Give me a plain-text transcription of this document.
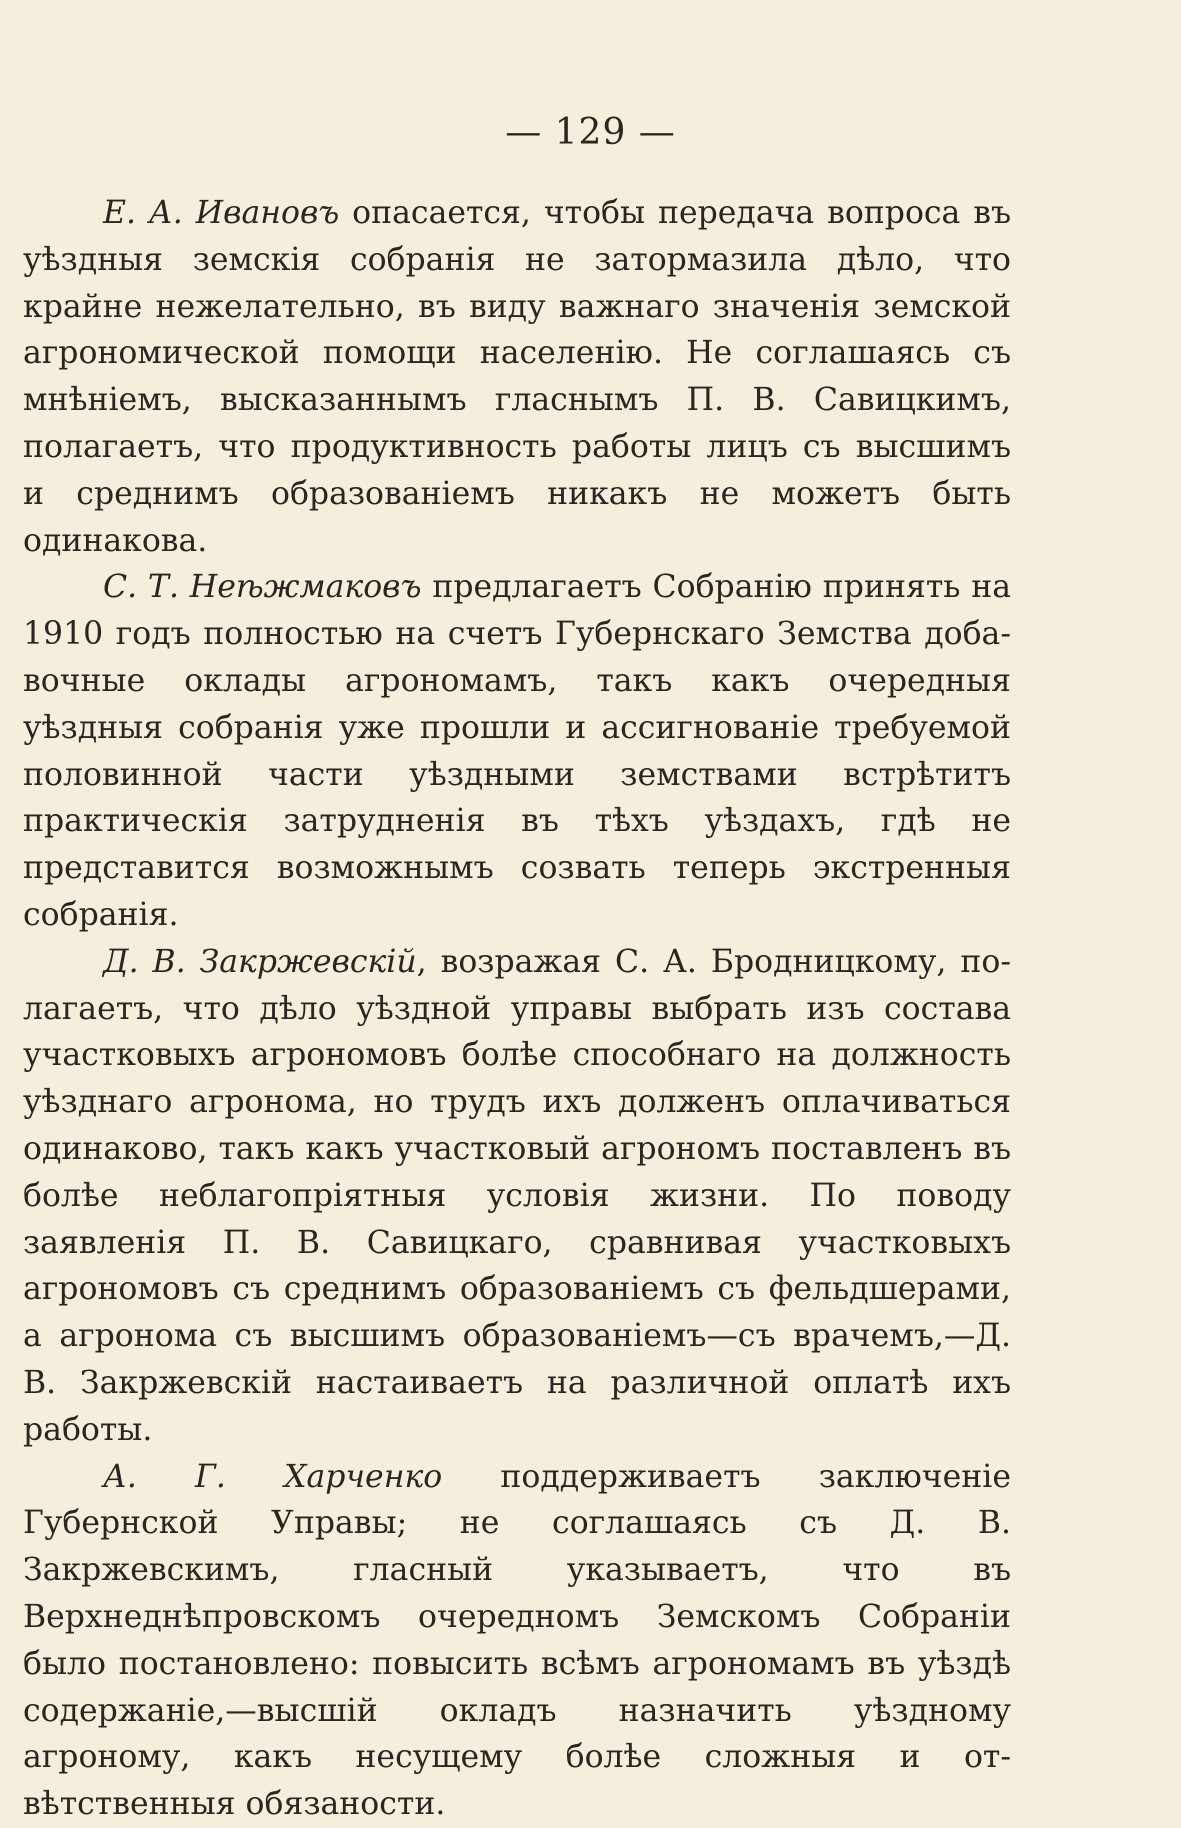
— 129 —

Е. А. Ивановъ опасается, чтобы передача вопроса въ уѣздныя земскія собранія не затормазила дѣло, что крайне нежелательно, въ виду важнаго значенія земской агрономической помощи населенію. Не соглашаясь съ мнѣніемъ, высказаннымъ гласнымъ П. В. Савицкимъ, полагаетъ, что продуктивность работы лицъ съ высшимъ и среднимъ образованіемъ никакъ не можетъ быть одинакова.

С. Т. Неѣжмаковъ предлагаетъ Собранію принять на 1910 годъ полностью на счетъ Губернскаго Земства добавочные оклады агрономамъ, такъ какъ очередныя уѣздныя собранія уже прошли и ассигнованіе требуемой половинной части уѣздными земствами встрѣтитъ практическія затрудненія въ тѣхъ уѣздахъ, гдѣ не представится возможнымъ созвать теперь экстренныя собранія.

Д. В. Закржевскій, возражая С. А. Бродницкому, полагаетъ, что дѣло уѣздной управы выбрать изъ состава участковыхъ агрономовъ болѣе способнаго на должность уѣзднаго агронома, но трудъ ихъ долженъ оплачиваться одинаково, такъ какъ участковый агрономъ поставленъ въ болѣе неблагопріятныя условія жизни. По поводу заявленія П. В. Савицкаго, сравнивая участковыхъ агрономовъ съ среднимъ образованіемъ съ фельдшерами, а агронома съ высшимъ образованіемъ—съ врачемъ,—Д. В. Закржевскій настаиваетъ на различной оплатѣ ихъ работы.

А. Г. Харченко поддерживаетъ заключеніе Губернской Управы; не соглашаясь съ Д. В. Закржевскимъ, гласный указываетъ, что въ Верхнеднѣпровскомъ очередномъ Земскомъ Собраніи было постановлено: повысить всѣмъ агрономамъ въ уѣздѣ содержаніе,—высшій окладъ назначить уѣздному агроному, какъ несущему болѣе сложныя и отвѣтственныя обязаности.
